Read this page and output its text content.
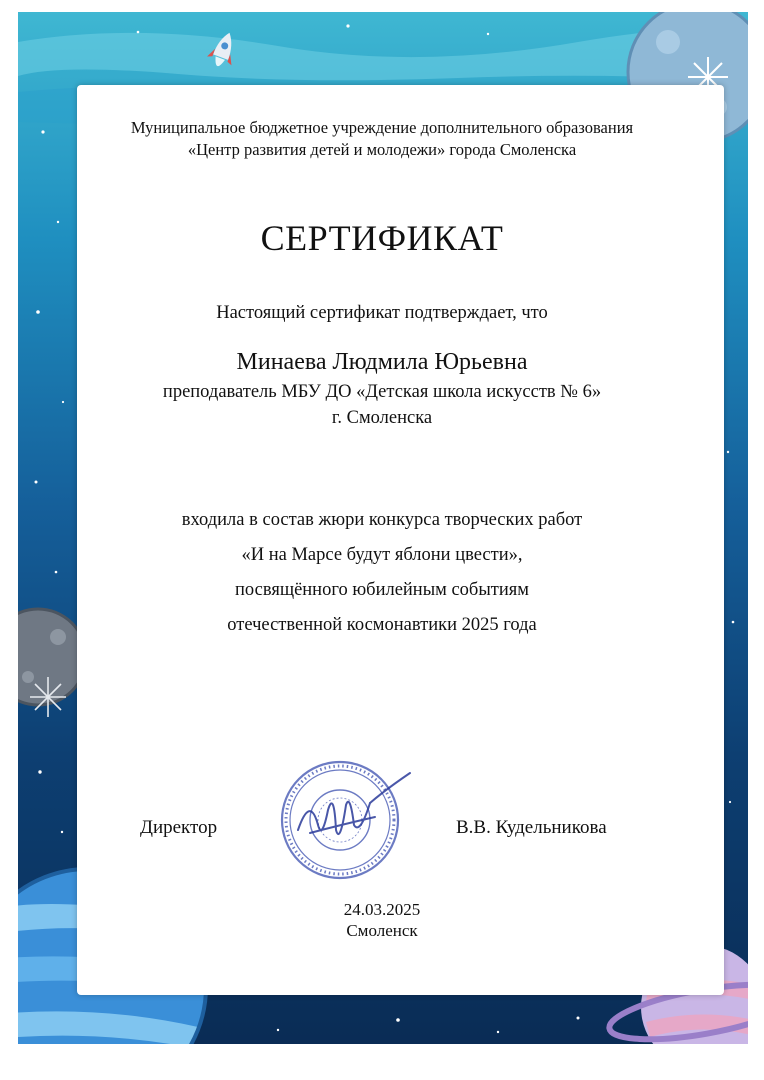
Муниципальное бюджетное учреждение дополнительного образования
«Центр развития детей и молодежи» города Смоленска
СЕРТИФИКАТ
Настоящий сертификат подтверждает, что
Минаева Людмила Юрьевна
преподаватель МБУ ДО «Детская школа искусств № 6»
г. Смоленска
входила в состав жюри конкурса творческих работ
«И на Марсе будут яблони цвести»,
посвящённого юбилейным событиям
отечественной космонавтики 2025 года
Директор	В.В. Кудельникова
24.03.2025
Смоленск
